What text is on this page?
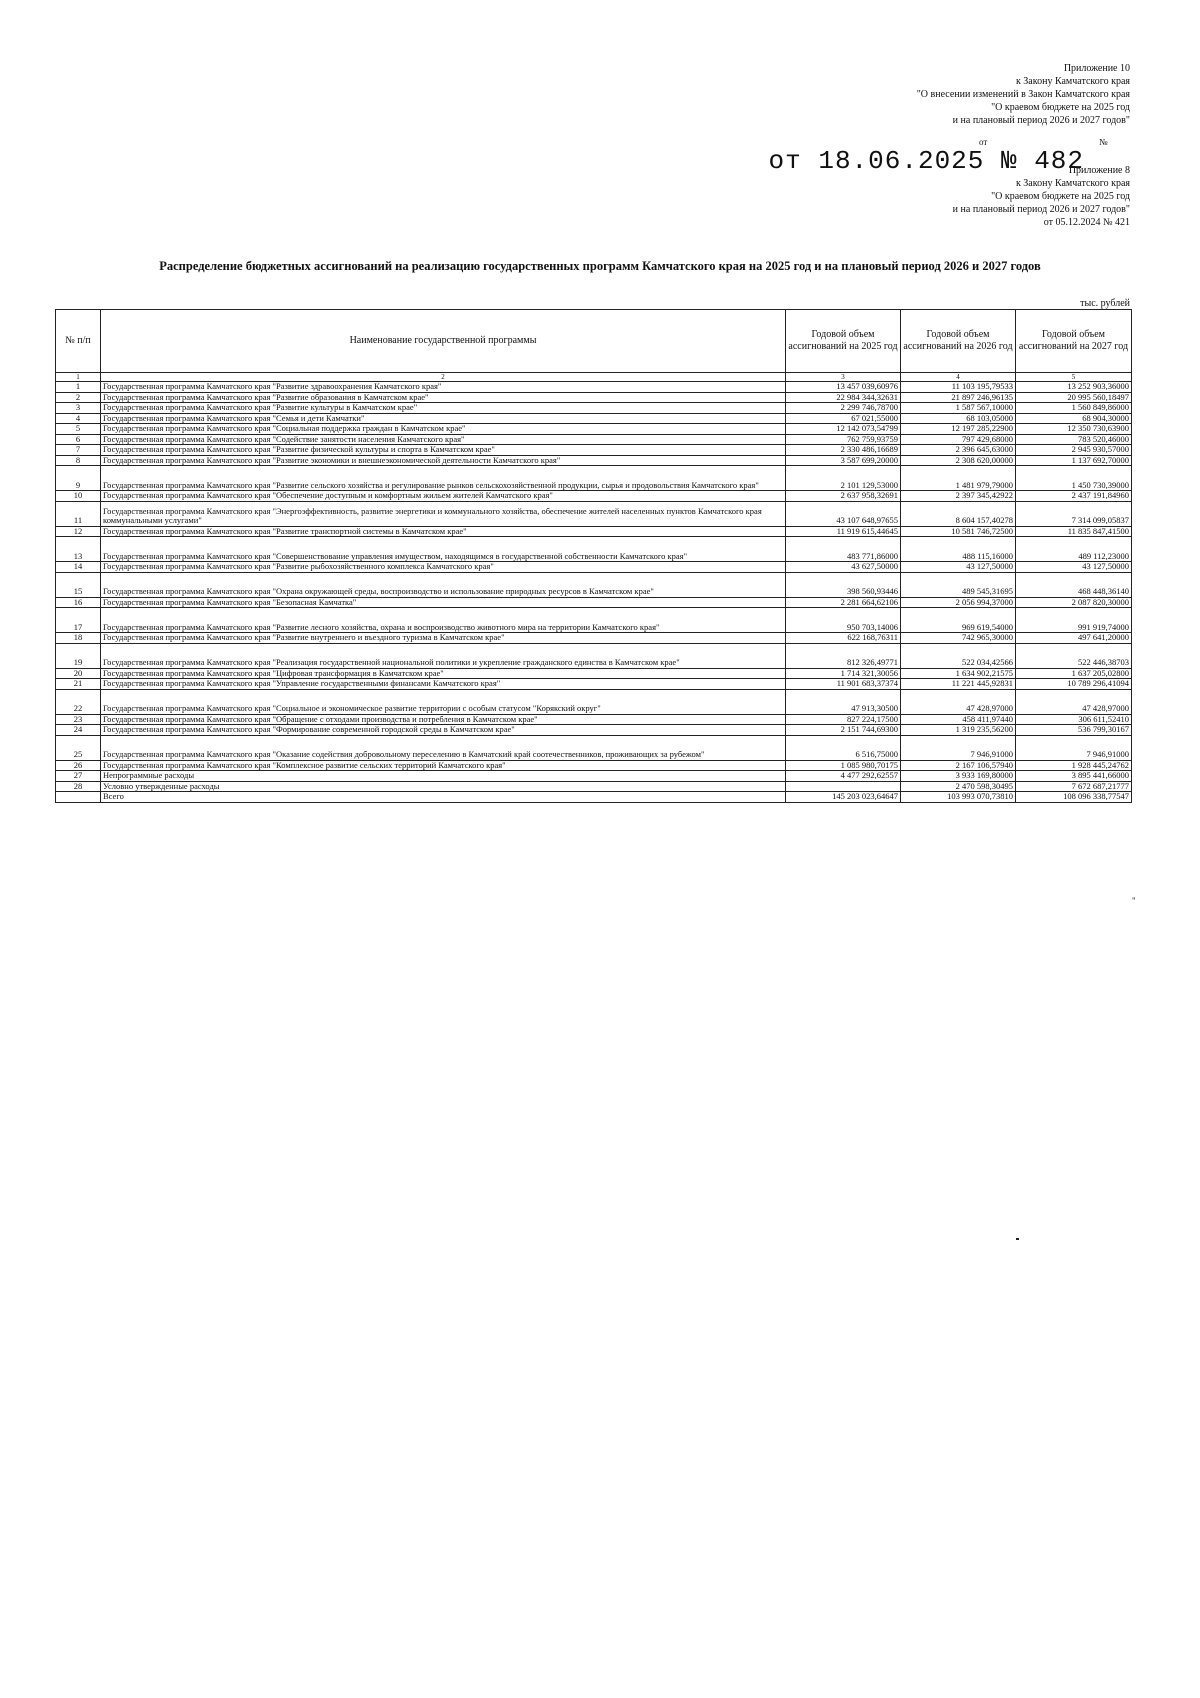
Приложение 10
к Закону Камчатского края
"О внесении изменений в Закон Камчатского края
"О краевом бюджете на 2025 год
и на плановый период 2026 и 2027 годов"
от	№
от 18.06.2025 № 482
Приложение 8
к Закону Камчатского края
"О краевом бюджете на 2025 год
и на плановый период 2026 и 2027 годов"
от 05.12.2024 № 421
Распределение бюджетных ассигнований на реализацию государственных программ Камчатского края на 2025 год и на плановый период 2026 и 2027 годов
тыс. рублей
№ п/п	Наименование государственной программы	Годовой объем ассигнований на 2025 год	Годовой объем ассигнований на 2026 год	Годовой объем ассигнований на 2027 год
1	2	3	4	5
1	Государственная программа Камчатского края "Развитие здравоохранения Камчатского края"	13 457 039,60976	11 103 195,79533	13 252 903,36000
2	Государственная программа Камчатского края "Развитие образования в Камчатском крае"	22 984 344,32631	21 897 246,96135	20 995 560,18497
3	Государственная программа Камчатского края "Развитие культуры в Камчатском крае"	2 299 746,78700	1 587 567,10000	1 560 849,86000
4	Государственная программа Камчатского края "Семья и дети Камчатки"	67 021,55000	68 103,05000	68 904,30000
5	Государственная программа Камчатского края "Социальная поддержка граждан в Камчатском крае"	12 142 073,54799	12 197 285,22900	12 350 730,63900
6	Государственная программа Камчатского края "Содействие занятости населения Камчатского края"	762 759,93759	797 429,68000	783 520,46000
7	Государственная программа Камчатского края "Развитие физической культуры и спорта в Камчатском крае"	2 330 486,16689	2 396 645,63000	2 945 930,57000
8	Государственная программа Камчатского края "Развитие экономики и внешнеэкономической деятельности Камчатского края"	3 587 699,20000	2 308 620,00000	1 137 692,70000
9	Государственная программа Камчатского края "Развитие сельского хозяйства и регулирование рынков сельскохозяйственной продукции, сырья и продовольствия Камчатского края"	2 101 129,53000	1 481 979,79000	1 450 730,39000
10	Государственная программа Камчатского края "Обеспечение доступным и комфортным жильем жителей Камчатского края"	2 637 958,32691	2 397 345,42922	2 437 191,84960
11	Государственная программа Камчатского края "Энергоэффективность, развитие энергетики и коммунального хозяйства, обеспечение жителей населенных пунктов Камчатского края коммунальными услугами"	43 107 648,97655	8 604 157,40278	7 314 099,05837
12	Государственная программа Камчатского края "Развитие транспортной системы в Камчатском крае"	11 919 615,44645	10 581 746,72500	11 835 847,41500
13	Государственная программа Камчатского края "Совершенствование управления имуществом, находящимся в государственной собственности Камчатского края"	483 771,86000	488 115,16000	489 112,23000
14	Государственная программа Камчатского края "Развитие рыбохозяйственного комплекса Камчатского края"	43 627,50000	43 127,50000	43 127,50000
15	Государственная программа Камчатского края "Охрана окружающей среды, воспроизводство и использование природных ресурсов в Камчатском крае"	398 560,93446	489 545,31695	468 448,36140
16	Государственная программа Камчатского края "Безопасная Камчатка"	2 281 664,62106	2 056 994,37000	2 087 820,30000
17	Государственная программа Камчатского края "Развитие лесного хозяйства, охрана и воспроизводство животного мира на территории Камчатского края"	950 703,14006	969 619,54000	991 919,74000
18	Государственная программа Камчатского края "Развитие внутреннего и въездного туризма в Камчатском крае"	622 168,76311	742 965,30000	497 641,20000
19	Государственная программа Камчатского края "Реализация государственной национальной политики и укрепление гражданского единства в Камчатском крае"	812 326,49771	522 034,42566	522 446,38703
20	Государственная программа Камчатского края "Цифровая трансформация в Камчатском крае"	1 714 321,30056	1 634 902,21575	1 637 205,02800
21	Государственная программа Камчатского края "Управление государственными финансами Камчатского края"	11 901 683,37374	11 221 445,92831	10 789 296,41094
22	Государственная программа Камчатского края "Социальное и экономическое развитие территории с особым статусом "Корякский округ"	47 913,30500	47 428,97000	47 428,97000
23	Государственная программа Камчатского края "Обращение с отходами производства и потребления в Камчатском крае"	827 224,17500	458 411,97440	306 611,52410
24	Государственная программа Камчатского края "Формирование современной городской среды в Камчатском крае"	2 151 744,69300	1 319 235,56200	536 799,30167
25	Государственная программа Камчатского края "Оказание содействия добровольному переселению в Камчатский край соотечественников, проживающих за рубежом"	6 516,75000	7 946,91000	7 946,91000
26	Государственная программа Камчатского края "Комплексное развитие сельских территорий Камчатского края"	1 085 980,70175	2 167 106,57940	1 928 445,24762
27	Непрограммные расходы	4 477 292,62557	3 933 169,80000	3 895 441,66000
28	Условно утвержденные расходы		2 470 598,30495	7 672 687,21777
	Всего	145 203 023,64647	103 993 070,73810	108 096 338,77547
"
